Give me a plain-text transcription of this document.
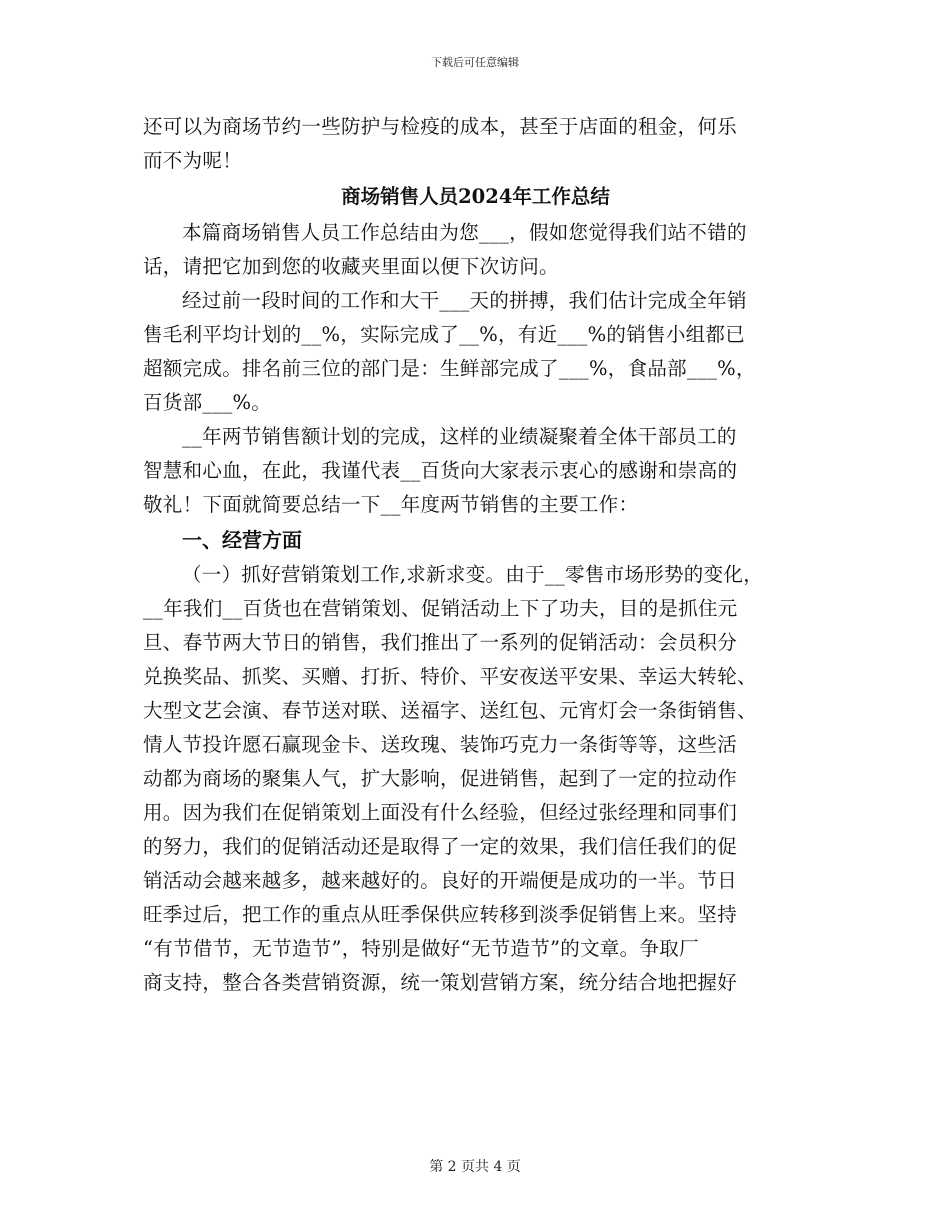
下载后可任意编辑
还可以为商场节约一些防护与检疫的成本，甚至于店面的租金，何乐
而不为呢！
商场销售人员2024年工作总结
本篇商场销售人员工作总结由为您___，假如您觉得我们站不错的
话，请把它加到您的收藏夹里面以便下次访问。
经过前一段时间的工作和大干___天的拼搏，我们估计完成全年销
售毛利平均计划的__%，实际完成了__%，有近___%的销售小组都已
超额完成。排名前三位的部门是：生鲜部完成了___%，食品部___%，
百货部___%。
__年两节销售额计划的完成，这样的业绩凝聚着全体干部员工的
智慧和心血，在此，我谨代表__百货向大家表示衷心的感谢和崇高的
敬礼！下面就简要总结一下__年度两节销售的主要工作：
一、经营方面
（一）抓好营销策划工作,求新求变。由于__零售市场形势的变化，
__年我们__百货也在营销策划、促销活动上下了功夫，目的是抓住元
旦、春节两大节日的销售，我们推出了一系列的促销活动：会员积分
兑换奖品、抓奖、买赠、打折、特价、平安夜送平安果、幸运大转轮、
大型文艺会演、春节送对联、送福字、送红包、元宵灯会一条街销售、
情人节投许愿石赢现金卡、送玫瑰、装饰巧克力一条街等等，这些活
动都为商场的聚集人气，扩大影响，促进销售，起到了一定的拉动作
用。因为我们在促销策划上面没有什么经验，但经过张经理和同事们
的努力，我们的促销活动还是取得了一定的效果，我们信任我们的促
销活动会越来越多，越来越好的。良好的开端便是成功的一半。节日
旺季过后，把工作的重点从旺季保供应转移到淡季促销售上来。坚持
“有节借节，无节造节”，特别是做好“无节造节”的文章。争取厂
商支持，整合各类营销资源，统一策划营销方案，统分结合地把握好
第 2 页共 4 页
